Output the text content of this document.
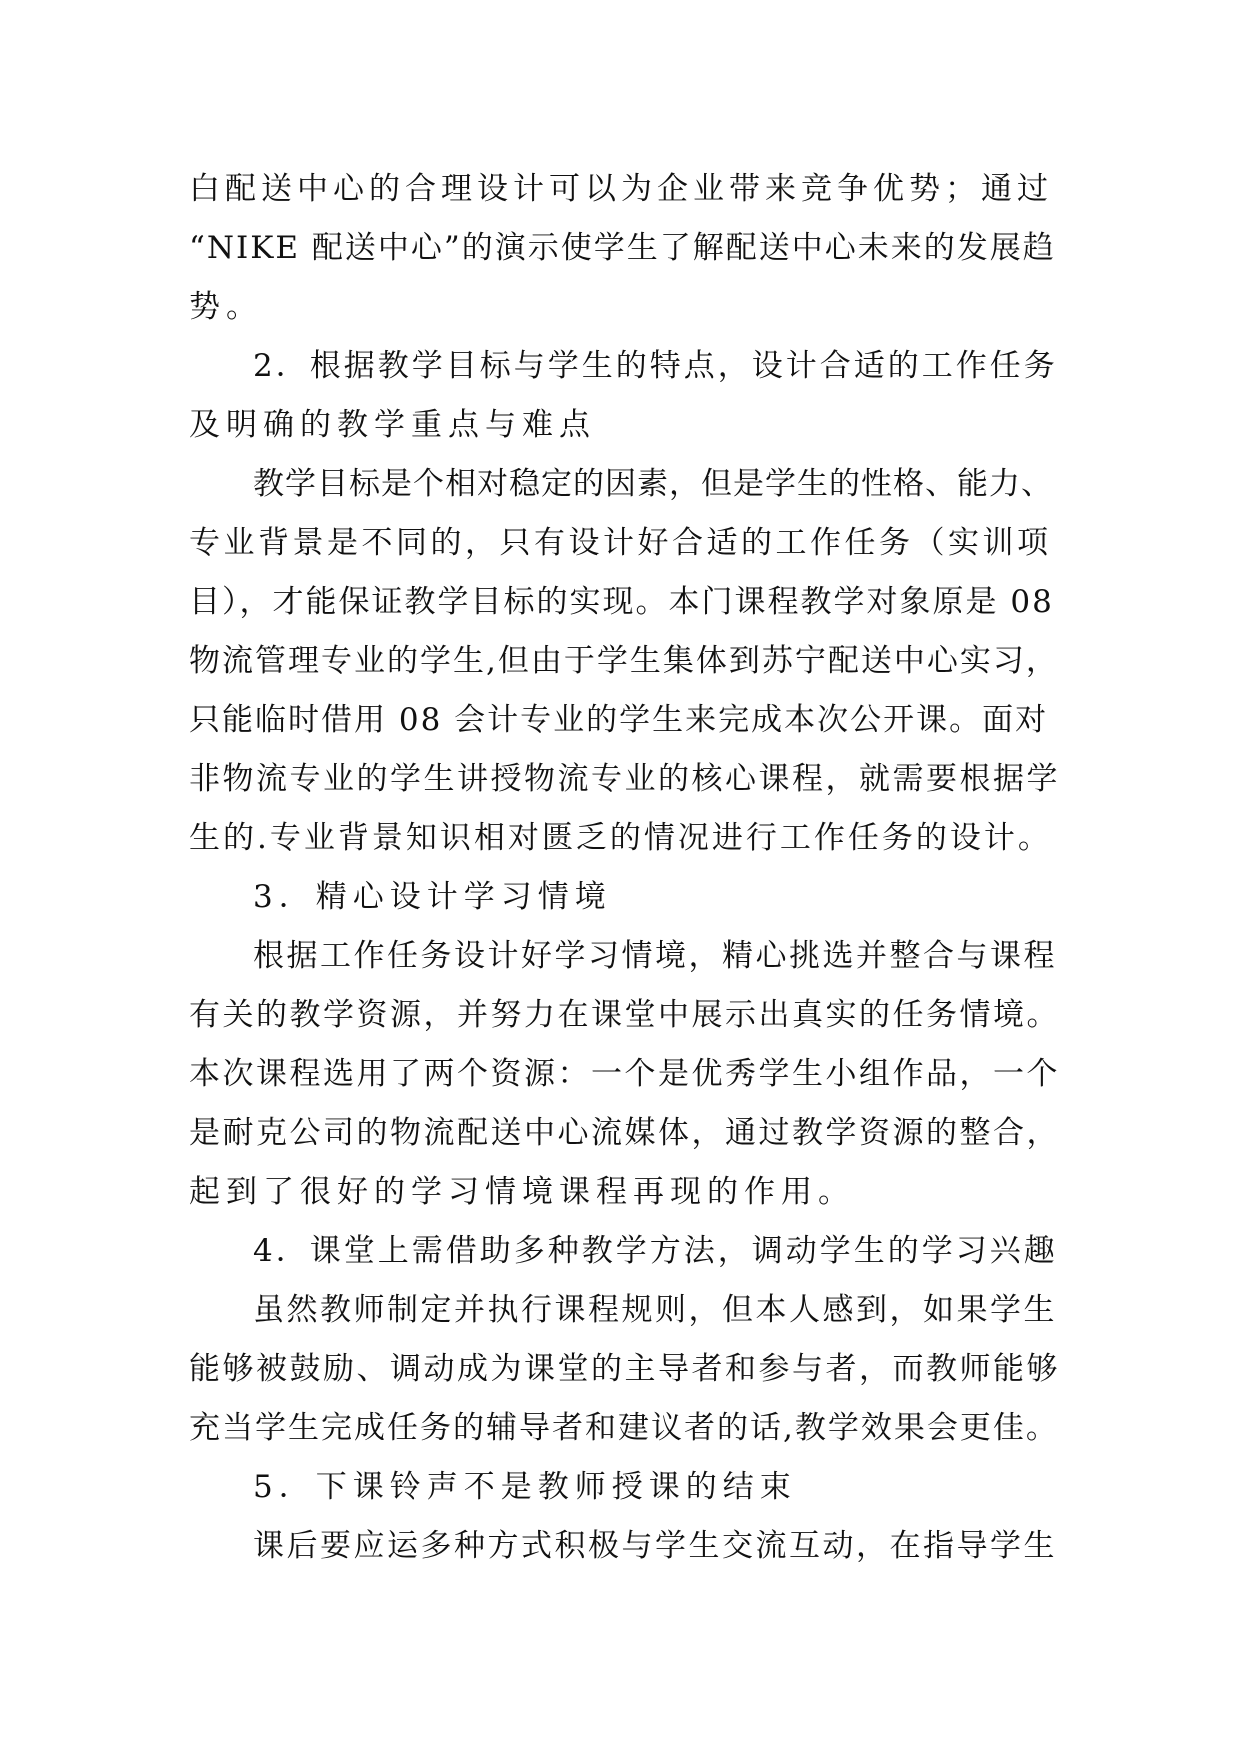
白配送中心的合理设计可以为企业带来竞争优势；通过
“NIKE 配送中心”的演示使学生了解配送中心未来的发展趋
势。
2．根据教学目标与学生的特点，设计合适的工作任务
及明确的教学重点与难点
教学目标是个相对稳定的因素，但是学生的性格、能力、
专业背景是不同的，只有设计好合适的工作任务（实训项
目），才能保证教学目标的实现。本门课程教学对象原是 08
物流管理专业的学生,但由于学生集体到苏宁配送中心实习，
只能临时借用 08 会计专业的学生来完成本次公开课。面对
非物流专业的学生讲授物流专业的核心课程，就需要根据学
生的.专业背景知识相对匮乏的情况进行工作任务的设计。
3．精心设计学习情境
根据工作任务设计好学习情境，精心挑选并整合与课程
有关的教学资源，并努力在课堂中展示出真实的任务情境。
本次课程选用了两个资源：一个是优秀学生小组作品，一个
是耐克公司的物流配送中心流媒体，通过教学资源的整合，
起到了很好的学习情境课程再现的作用。
4．课堂上需借助多种教学方法，调动学生的学习兴趣
虽然教师制定并执行课程规则，但本人感到，如果学生
能够被鼓励、调动成为课堂的主导者和参与者，而教师能够
充当学生完成任务的辅导者和建议者的话,教学效果会更佳。
5．下课铃声不是教师授课的结束
课后要应运多种方式积极与学生交流互动，在指导学生
